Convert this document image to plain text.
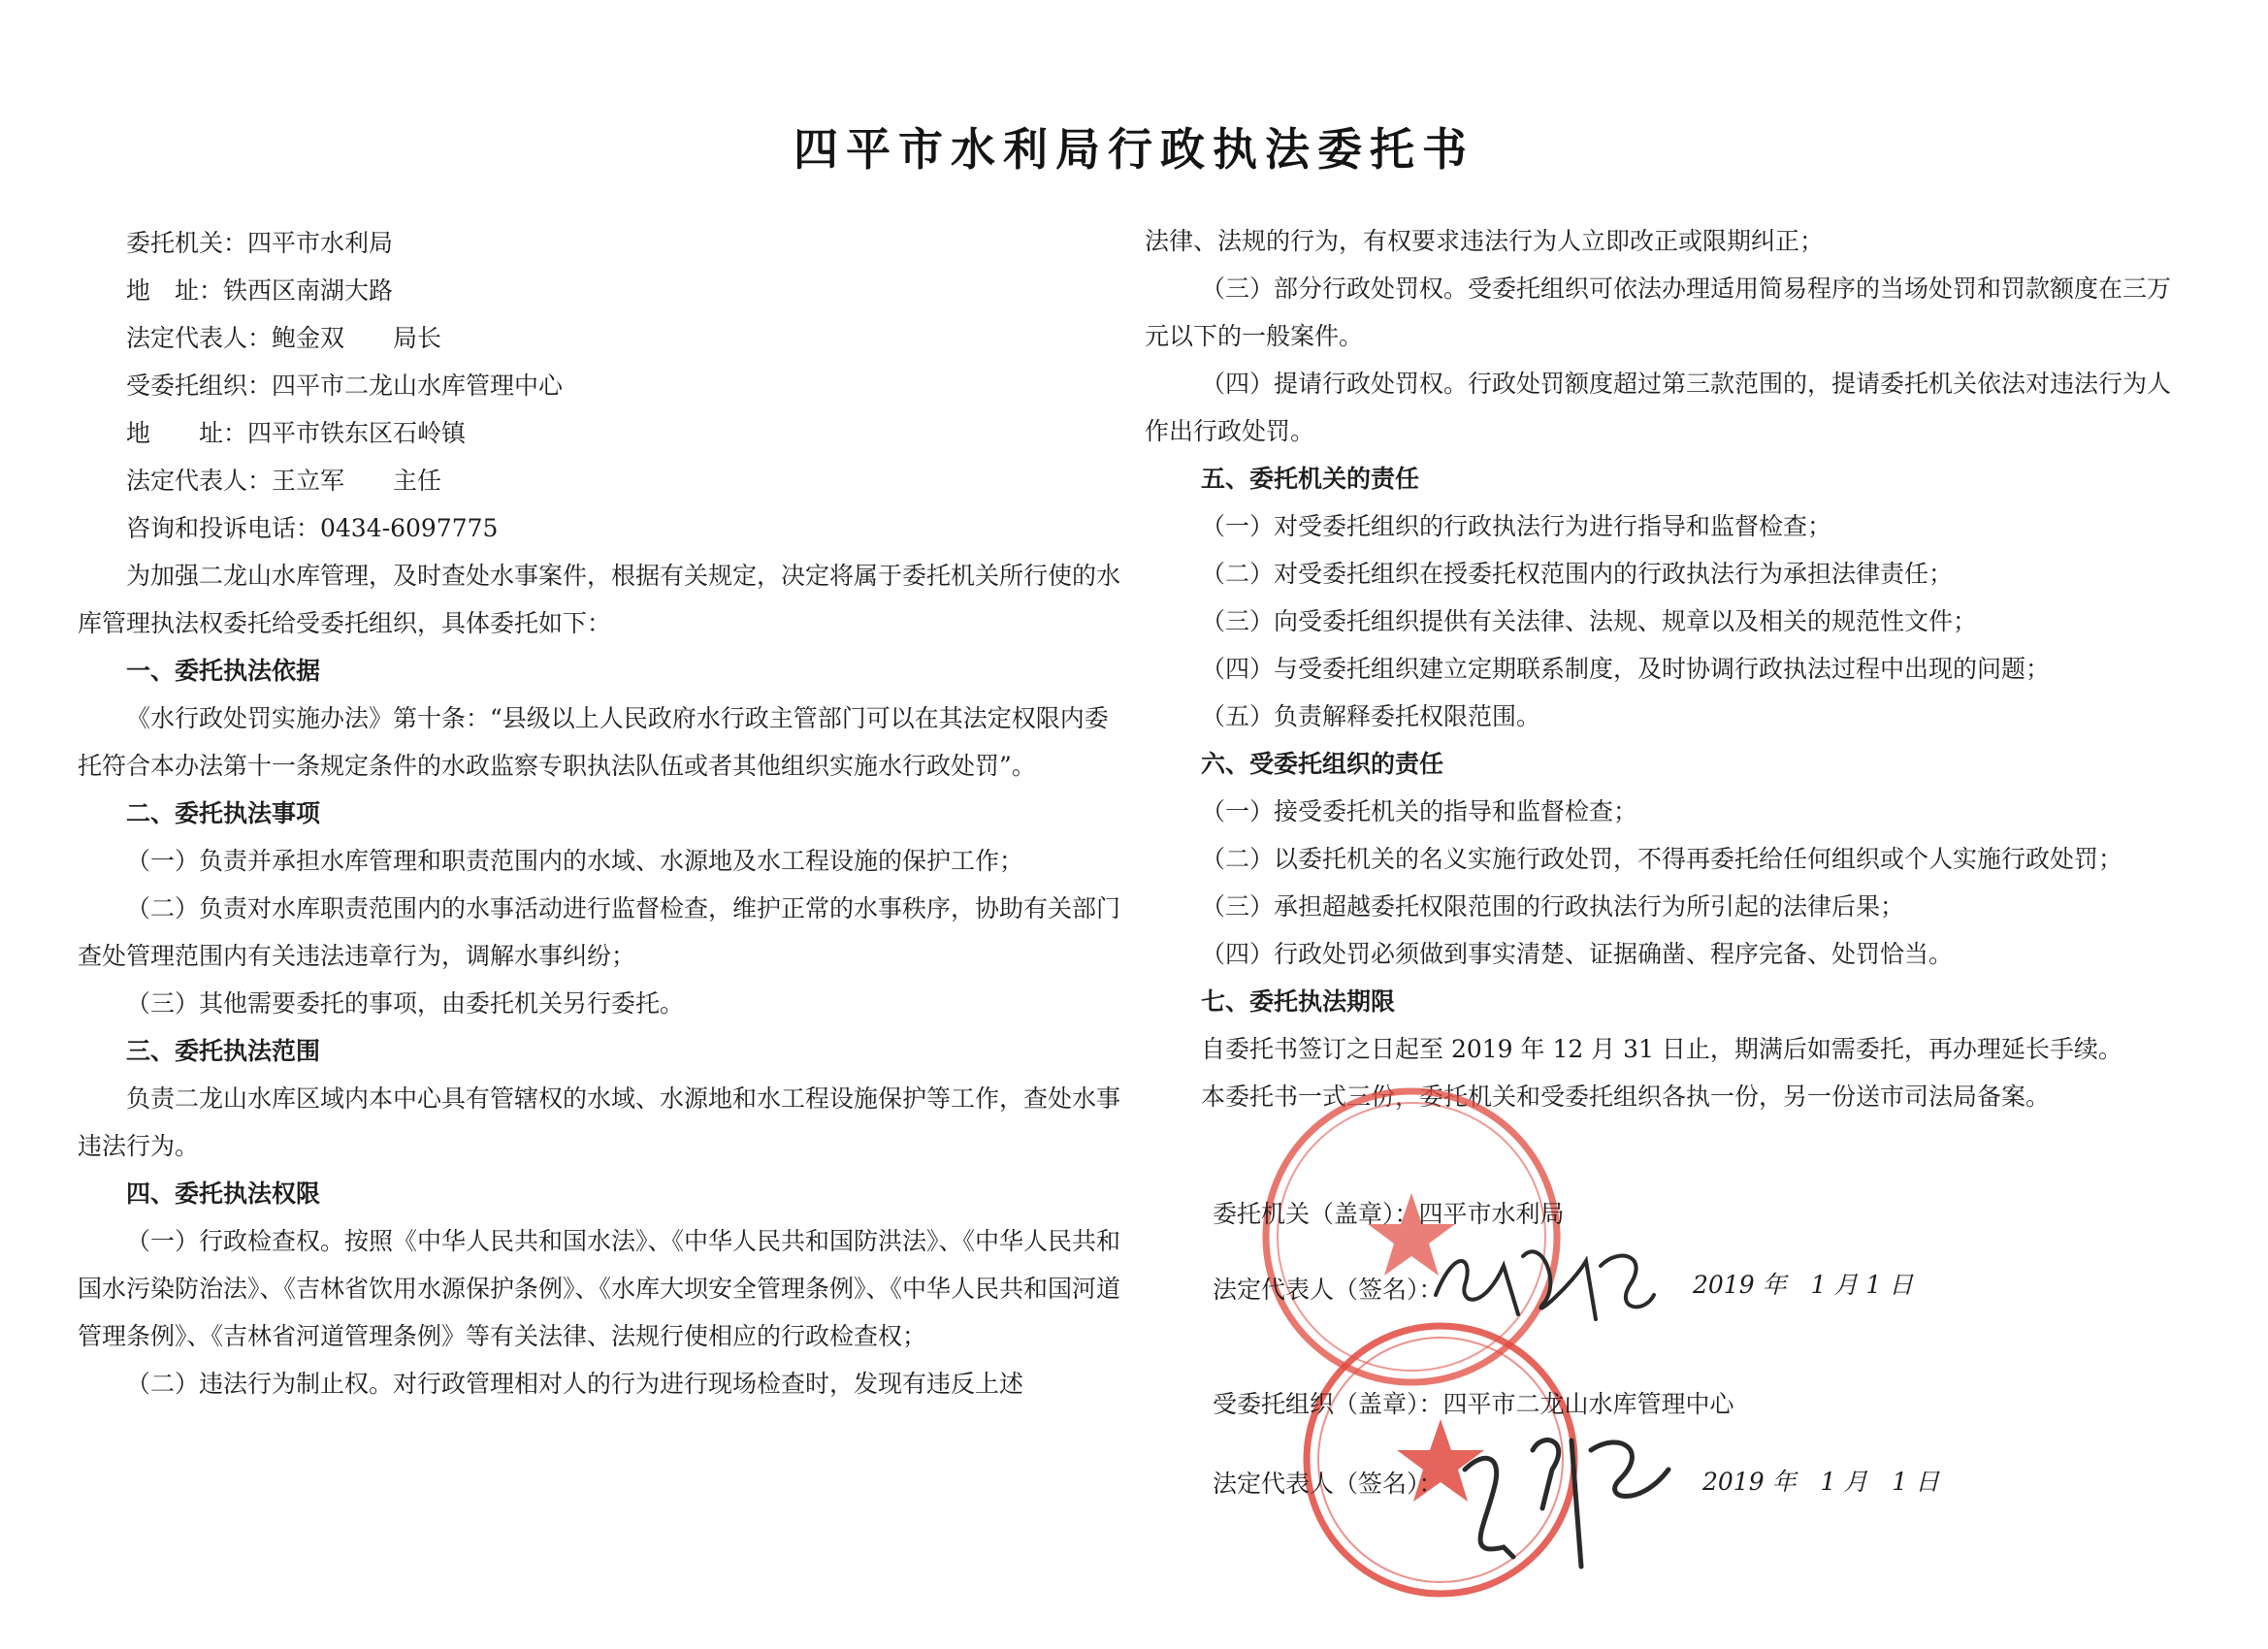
四平市水利局行政执法委托书

委托机关：四平市水利局

地　址：铁西区南湖大路

法定代表人：鲍金双　　局长

受委托组织：四平市二龙山水库管理中心

地　　址：四平市铁东区石岭镇

法定代表人：王立军　　主任

咨询和投诉电话：0434-6097775

为加强二龙山水库管理，及时查处水事案件，根据有关规定，决定将属于委托机关所行使的水库管理执法权委托给受委托组织，具体委托如下：

一、委托执法依据

《水行政处罚实施办法》第十条：“县级以上人民政府水行政主管部门可以在其法定权限内委托符合本办法第十一条规定条件的水政监察专职执法队伍或者其他组织实施水行政处罚”。

二、委托执法事项

（一）负责并承担水库管理和职责范围内的水域、水源地及水工程设施的保护工作；

（二）负责对水库职责范围内的水事活动进行监督检查，维护正常的水事秩序，协助有关部门查处管理范围内有关违法违章行为，调解水事纠纷；

（三）其他需要委托的事项，由委托机关另行委托。

三、委托执法范围

负责二龙山水库区域内本中心具有管辖权的水域、水源地和水工程设施保护等工作，查处水事违法行为。

四、委托执法权限

（一）行政检查权。按照《中华人民共和国水法》、《中华人民共和国防洪法》、《中华人民共和国水污染防治法》、《吉林省饮用水源保护条例》、《水库大坝安全管理条例》、《中华人民共和国河道管理条例》、《吉林省河道管理条例》等有关法律、法规行使相应的行政检查权；

（二）违法行为制止权。对行政管理相对人的行为进行现场检查时，发现有违反上述

法律、法规的行为，有权要求违法行为人立即改正或限期纠正；

（三）部分行政处罚权。受委托组织可依法办理适用简易程序的当场处罚和罚款额度在三万元以下的一般案件。

（四）提请行政处罚权。行政处罚额度超过第三款范围的，提请委托机关依法对违法行为人作出行政处罚。

五、委托机关的责任

（一）对受委托组织的行政执法行为进行指导和监督检查；

（二）对受委托组织在授委托权范围内的行政执法行为承担法律责任；

（三）向受委托组织提供有关法律、法规、规章以及相关的规范性文件；

（四）与受委托组织建立定期联系制度，及时协调行政执法过程中出现的问题；

（五）负责解释委托权限范围。

六、受委托组织的责任

（一）接受委托机关的指导和监督检查；

（二）以委托机关的名义实施行政处罚，不得再委托给任何组织或个人实施行政处罚；

（三）承担超越委托权限范围的行政执法行为所引起的法律后果；

（四）行政处罚必须做到事实清楚、证据确凿、程序完备、处罚恰当。

七、委托执法期限

自委托书签订之日起至 2019 年 12 月 31 日止，期满后如需委托，再办理延长手续。

本委托书一式三份，委托机关和受委托组织各执一份，另一份送市司法局备案。

委托机关（盖章）：四平市水利局
法定代表人（签名）：	2019 年　1 月 1 日
受委托组织（盖章）：四平市二龙山水库管理中心
法定代表人（签名）：	2019 年　1 月　1 日
